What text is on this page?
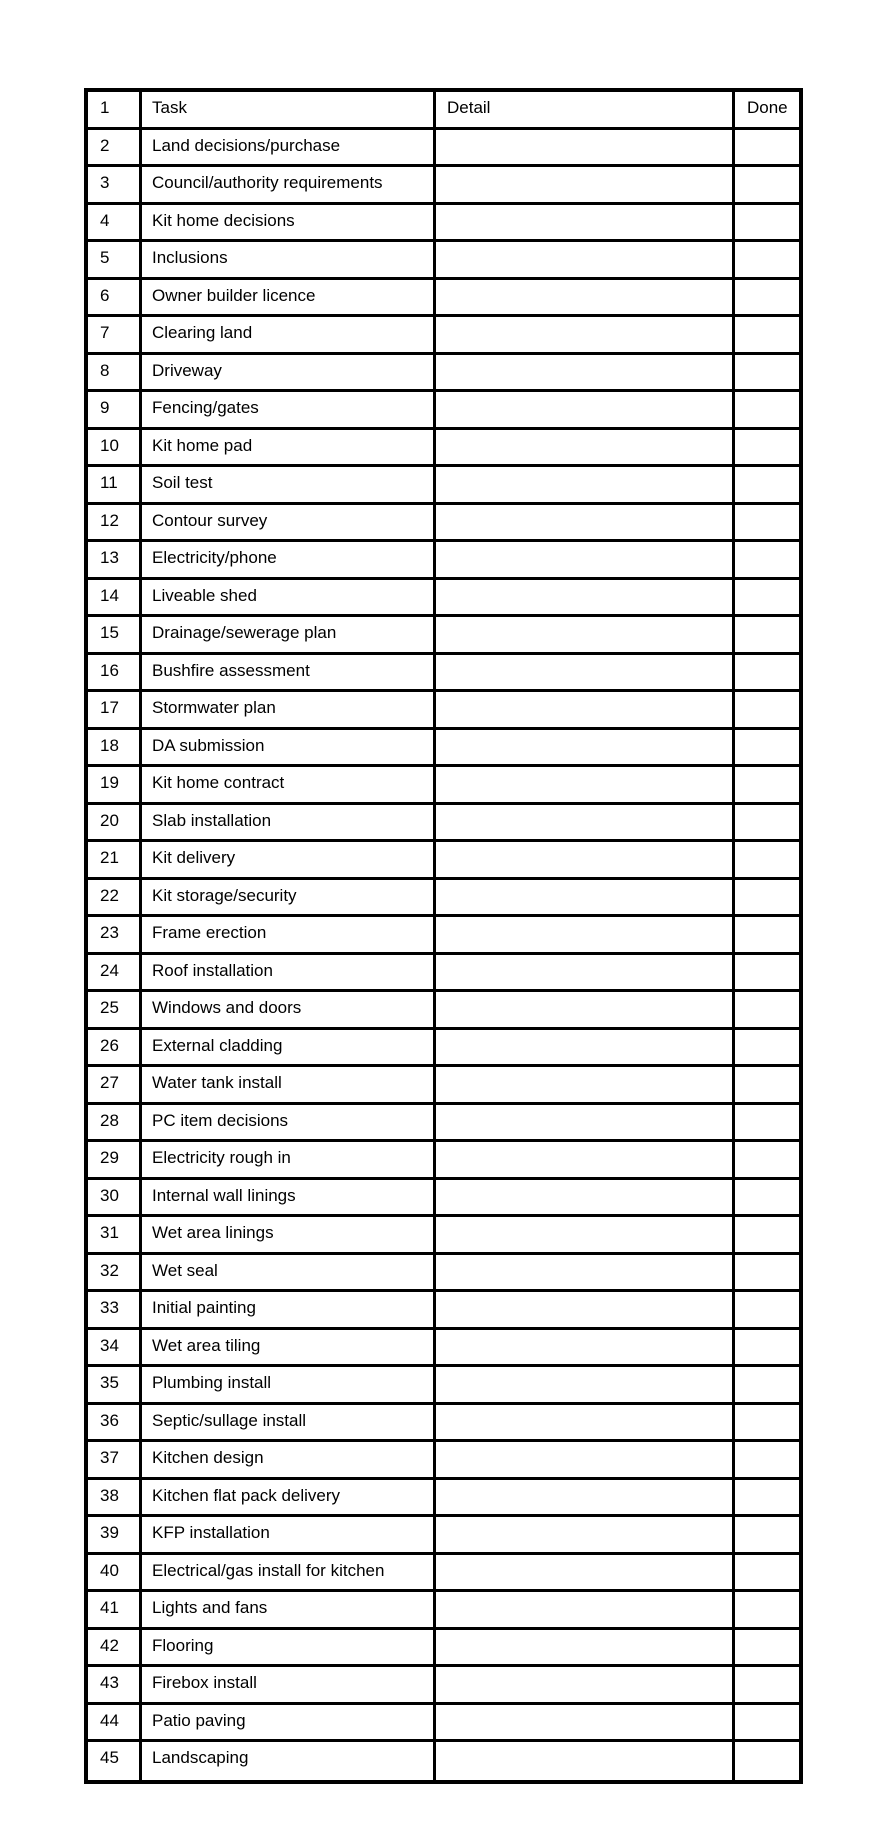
1	Task	Detail	Done
2	Land decisions/purchase
3	Council/authority requirements
4	Kit home decisions
5	Inclusions
6	Owner builder licence
7	Clearing land
8	Driveway
9	Fencing/gates
10	Kit home pad
11	Soil test
12	Contour survey
13	Electricity/phone
14	Liveable shed
15	Drainage/sewerage plan
16	Bushfire assessment
17	Stormwater plan
18	DA submission
19	Kit home contract
20	Slab installation
21	Kit delivery
22	Kit storage/security
23	Frame erection
24	Roof installation
25	Windows and doors
26	External cladding
27	Water tank install
28	PC item decisions
29	Electricity rough in
30	Internal wall linings
31	Wet area linings
32	Wet seal
33	Initial painting
34	Wet area tiling
35	Plumbing install
36	Septic/sullage install
37	Kitchen design
38	Kitchen flat pack delivery
39	KFP installation
40	Electrical/gas install for kitchen
41	Lights and fans
42	Flooring
43	Firebox install
44	Patio paving
45	Landscaping
